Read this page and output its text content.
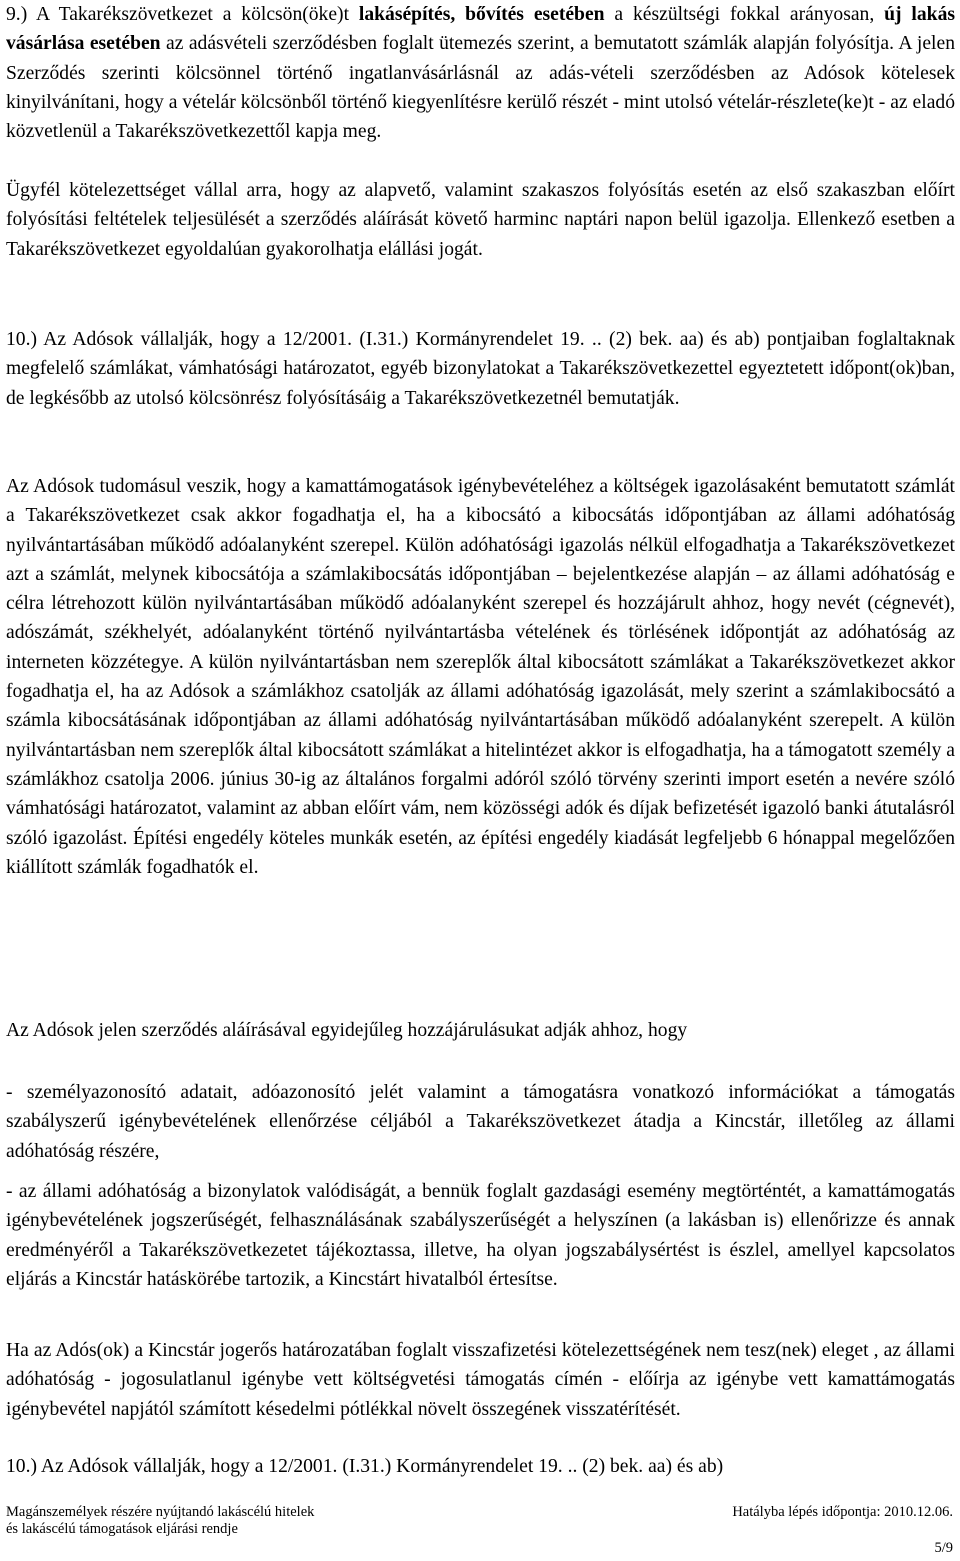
9.) A Takarékszövetkezet a kölcsön(öke)t lakásépítés, bővítés esetében a készültségi fokkal arányosan, új lakás vásárlása esetében az adásvételi szerződésben foglalt ütemezés szerint, a bemutatott számlák alapján folyósítja. A jelen Szerződés szerinti kölcsönnel történő ingatlanvásárlásnál az adás-vételi szerződésben az Adósok kötelesek kinyilvánítani, hogy a vételár kölcsönből történő kiegyenlítésre kerülő részét - mint utolsó vételár-részlete(ke)t - az eladó közvetlenül a Takarékszövetkezettől kapja meg.

Ügyfél kötelezettséget vállal arra, hogy az alapvető, valamint szakaszos folyósítás esetén az első szakaszban előírt folyósítási feltételek teljesülését a szerződés aláírását követő harminc naptári napon belül igazolja. Ellenkező esetben a Takarékszövetkezet egyoldalúan gyakorolhatja elállási jogát.

10.) Az Adósok vállalják, hogy a 12/2001. (I.31.) Kormányrendelet 19. .. (2) bek. aa) és ab) pontjaiban foglaltaknak megfelelő számlákat, vámhatósági határozatot, egyéb bizonylatokat a Takarékszövetkezettel egyeztetett időpont(ok)ban, de legkésőbb az utolsó kölcsönrész folyósításáig a Takarékszövetkezetnél bemutatják.

Az Adósok tudomásul veszik, hogy a kamattámogatások igénybevételéhez a költségek igazolásaként bemutatott számlát a Takarékszövetkezet csak akkor fogadhatja el, ha a kibocsátó a kibocsátás időpontjában az állami adóhatóság nyilvántartásában működő adóalanyként szerepel. Külön adóhatósági igazolás nélkül elfogadhatja a Takarékszövetkezet azt a számlát, melynek kibocsátója a számlakibocsátás időpontjában – bejelentkezése alapján – az állami adóhatóság e célra létrehozott külön nyilvántartásában működő adóalanyként szerepel és hozzájárult ahhoz, hogy nevét (cégnevét), adószámát, székhelyét, adóalanyként történő nyilvántartásba vételének és törlésének időpontját az adóhatóság az interneten közzétegye. A külön nyilvántartásban nem szereplők által kibocsátott számlákat a Takarékszövetkezet akkor fogadhatja el, ha az Adósok a számlákhoz csatolják az állami adóhatóság igazolását, mely szerint a számlakibocsátó a számla kibocsátásának időpontjában az állami adóhatóság nyilvántartásában működő adóalanyként szerepelt. A külön nyilvántartásban nem szereplők által kibocsátott számlákat a hitelintézet akkor is elfogadhatja, ha a támogatott személy a számlákhoz csatolja 2006. június 30-ig az általános forgalmi adóról szóló törvény szerinti import esetén a nevére szóló vámhatósági határozatot, valamint az abban előírt vám, nem közösségi adók és díjak befizetését igazoló banki átutalásról szóló igazolást. Építési engedély köteles munkák esetén, az építési engedély kiadását legfeljebb 6 hónappal megelőzően kiállított számlák fogadhatók el.

Az Adósok jelen szerződés aláírásával egyidejűleg hozzájárulásukat adják ahhoz, hogy

- személyazonosító adatait, adóazonosító jelét valamint a támogatásra vonatkozó információkat a támogatás szabályszerű igénybevételének ellenőrzése céljából a Takarékszövetkezet átadja a Kincstár, illetőleg az állami adóhatóság részére,

- az állami adóhatóság a bizonylatok valódiságát, a bennük foglalt gazdasági esemény megtörténtét, a kamattámogatás igénybevételének jogszerűségét, felhasználásának szabályszerűségét a helyszínen (a lakásban is) ellenőrizze és annak eredményéről a Takarékszövetkezetet tájékoztassa, illetve, ha olyan jogszabálysértést is észlel, amellyel kapcsolatos eljárás a Kincstár hatáskörébe tartozik, a Kincstárt hivatalból értesítse.

Ha az Adós(ok) a Kincstár jogerős határozatában foglalt visszafizetési kötelezettségének nem tesz(nek) eleget , az állami adóhatóság - jogosulatlanul igénybe vett költségvetési támogatás címén - előírja az igénybe vett kamattámogatás igénybevétel napjától számított késedelmi pótlékkal növelt összegének visszatérítését.

10.) Az Adósok vállalják, hogy a 12/2001. (I.31.) Kormányrendelet 19. .. (2) bek. aa) és ab)

Magánszemélyek részére nyújtandó lakáscélú hitelek
és lakáscélú támogatások eljárási rendje
Hatályba lépés időpontja: 2010.12.06.
5/9
